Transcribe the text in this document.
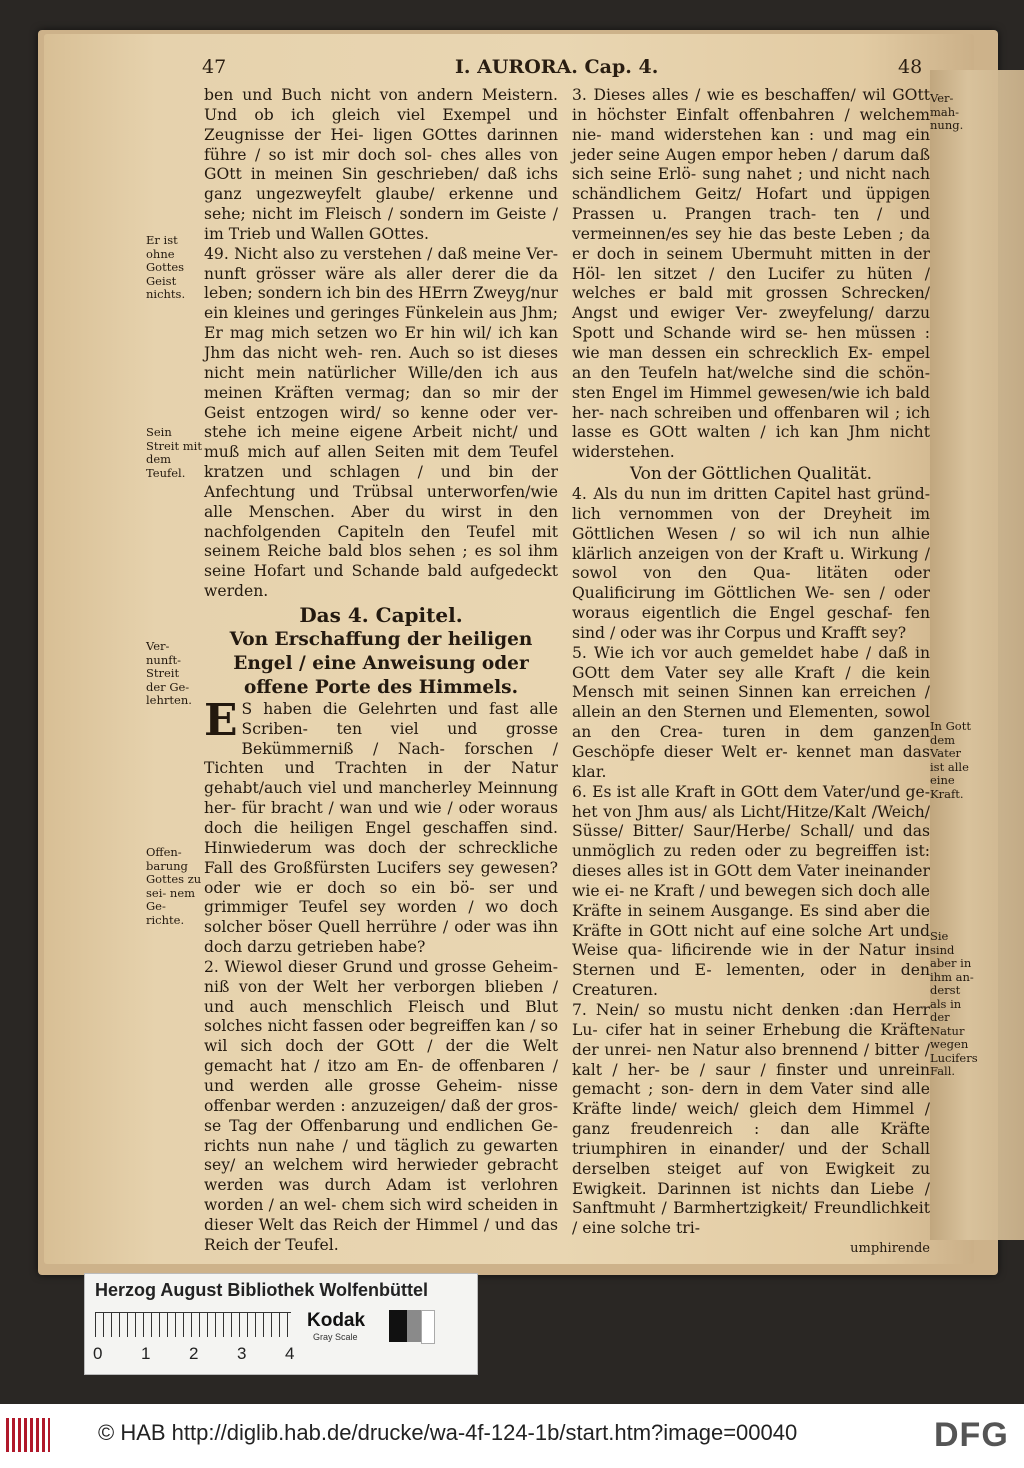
47	I. AURORA. Cap. 4.	48
Er ist ohne Gottes Geist nichts.
Sein Streit mit dem Teufel.
Ver- nunft- Streit der Ge- lehrten.
Offen- barung Gottes zu sei- nem Ge- richte.
Ver- mah- nung.
In Gott dem Vater ist alle eine Kraft.
Sie sind aber in ihm an- derst als in der Natur wegen Lucifers Fall.

ben und Buch nicht von andern Meistern. Und ob ich gleich viel Exempel und Zeugnisse der Hei- ligen GOttes darinnen führe / so ist mir doch sol- ches alles von GOtt in meinen Sin geschrieben/ daß ichs ganz ungezweyfelt glaube/ erkenne und sehe; nicht im Fleisch / sondern im Geiste / im Trieb und Wallen GOttes.

49. Nicht also zu verstehen / daß meine Ver- nunft grösser wäre als aller derer die da leben; sondern ich bin des HErrn Zweyg/nur ein kleines und geringes Fünkelein aus Jhm; Er mag mich setzen wo Er hin wil/ ich kan Jhm das nicht weh- ren. Auch so ist dieses nicht mein natürlicher Wille/den ich aus meinen Kräften vermag; dan so mir der Geist entzogen wird/ so kenne oder ver- stehe ich meine eigene Arbeit nicht/ und muß mich auf allen Seiten mit dem Teufel kratzen und schlagen / und bin der Anfechtung und Trübsal unterworfen/wie alle Menschen. Aber du wirst in den nachfolgenden Capiteln den Teufel mit seinem Reiche bald blos sehen ; es sol ihm seine Hofart und Schande bald aufgedeckt werden.

Das 4. Capitel.
Von Erschaffung der heiligen Engel / eine Anweisung oder offene Porte des Himmels.

E S haben die Gelehrten und fast alle Scriben- ten viel und grosse Bekümmerniß / Nach- forschen / Tichten und Trachten in der Natur gehabt/auch viel und mancherley Meinnung her- für bracht / wan und wie / oder woraus doch die heiligen Engel geschaffen sind. Hinwiederum was doch der schreckliche Fall des Großfürsten Lucifers sey gewesen? oder wie er doch so ein bö- ser und grimmiger Teufel sey worden / wo doch solcher böser Quell herrühre / oder was ihn doch darzu getrieben habe?

2. Wiewol dieser Grund und grosse Geheim- niß von der Welt her verborgen blieben / und auch menschlich Fleisch und Blut solches nicht fassen oder begreiffen kan / so wil sich doch der GOtt / der die Welt gemacht hat / itzo am En- de offenbaren / und werden alle grosse Geheim- nisse offenbar werden : anzuzeigen/ daß der gros- se Tag der Offenbarung und endlichen Ge- richts nun nahe / und täglich zu gewarten sey/ an welchem wird herwieder gebracht werden was durch Adam ist verlohren worden / an wel- chem sich wird scheiden in dieser Welt das Reich der Himmel / und das Reich der Teufel.

3. Dieses alles / wie es beschaffen/ wil GOtt in höchster Einfalt offenbahren / welchem nie- mand widerstehen kan : und mag ein jeder seine Augen empor heben / darum daß sich seine Erlö- sung nahet ; und nicht nach schändlichem Geitz/ Hofart und üppigen Prassen u. Prangen trach- ten / und vermeinnen/es sey hie das beste Leben ; da er doch in seinem Ubermuht mitten in der Höl- len sitzet / den Lucifer zu hüten / welches er bald mit grossen Schrecken/ Angst und ewiger Ver- zweyfelung/ darzu Spott und Schande wird se- hen müssen : wie man dessen ein schrecklich Ex- empel an den Teufeln hat/welche sind die schön- sten Engel im Himmel gewesen/wie ich bald her- nach schreiben und offenbaren wil ; ich lasse es GOtt walten / ich kan Jhm nicht widerstehen.

Von der Göttlichen Qualität.

4. Als du nun im dritten Capitel hast gründ- lich vernommen von der Dreyheit im Göttlichen Wesen / so wil ich nun alhie klärlich anzeigen von der Kraft u. Wirkung / sowol von den Qua- litäten oder Qualificirung im Göttlichen We- sen / oder woraus eigentlich die Engel geschaf- fen sind / oder was ihr Corpus und Krafft sey?

5. Wie ich vor auch gemeldet habe / daß in GOtt dem Vater sey alle Kraft / die kein Mensch mit seinen Sinnen kan erreichen / allein an den Sternen und Elementen, sowol an den Crea- turen in dem ganzen Geschöpfe dieser Welt er- kennet man das klar.

6. Es ist alle Kraft in GOtt dem Vater/und ge- het von Jhm aus/ als Licht/Hitze/Kalt /Weich/ Süsse/ Bitter/ Saur/Herbe/ Schall/ und das unmöglich zu reden oder zu begreiffen ist: dieses alles ist in GOtt dem Vater ineinander wie ei- ne Kraft / und bewegen sich doch alle Kräfte in seinem Ausgange. Es sind aber die Kräfte in GOtt nicht auf eine solche Art und Weise qua- lificirende wie in der Natur in Sternen und E- lementen, oder in den Creaturen.

7. Nein/ so mustu nicht denken :dan Herr Lu- cifer hat in seiner Erhebung die Kräfte der unrei- nen Natur also brennend / bitter / kalt / her- be / saur / finster und unrein gemacht ; son- dern in dem Vater sind alle Kräfte linde/ weich/ gleich dem Himmel / ganz freudenreich : dan alle Kräfte triumphiren in einander/ und der Schall derselben steiget auf von Ewigkeit zu Ewigkeit. Darinnen ist nichts dan Liebe / Sanftmuht / Barmhertzigkeit/ Freundlichkeit / eine solche tri-

umphirende
Herzog August Bibliothek Wolfenbüttel
0 1 2 3 4
Kodak
Gray Scale
© HAB http://diglib.hab.de/drucke/wa-4f-124-1b/start.htm?image=00040	DFG
